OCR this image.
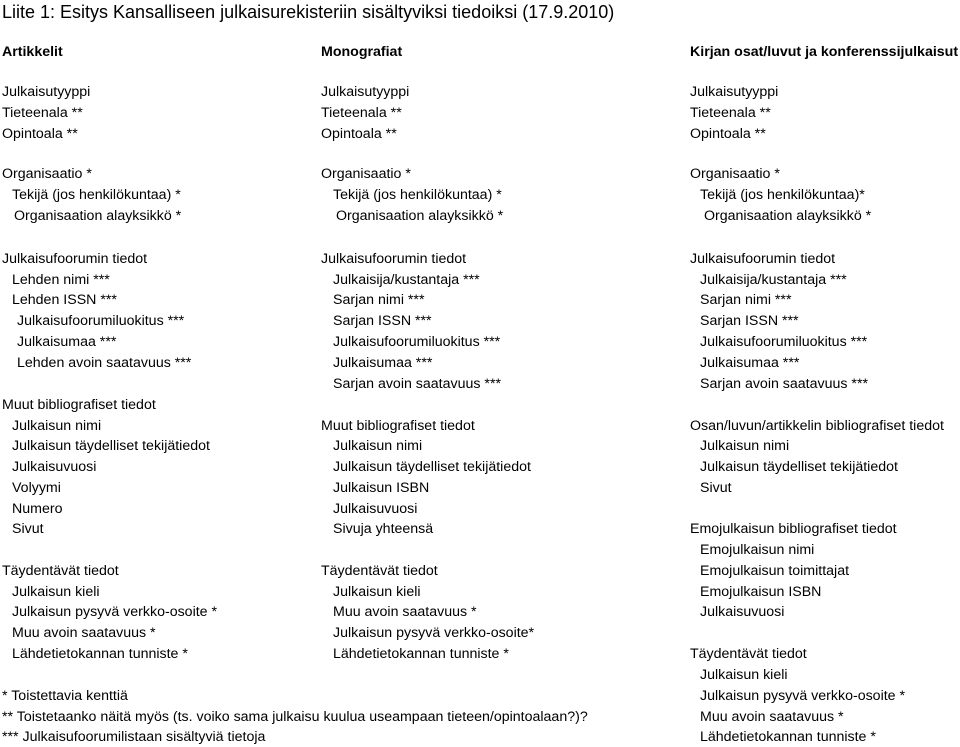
Liite 1: Esitys Kansalliseen julkaisurekisteriin sisältyviksi tiedoiksi (17.9.2010)
Artikkelit
Julkaisutyyppi
Tieteenala **
Opintoala **
Organisaatio *
Tekijä (jos henkilökuntaa) *
Organisaation alayksikkö *
Julkaisufoorumin tiedot
Lehden nimi ***
Lehden ISSN ***
Julkaisufoorumiluokitus ***
Julkaisumaa ***
Lehden avoin saatavuus ***
Muut bibliografiset tiedot
Julkaisun nimi
Julkaisun täydelliset tekijätiedot
Julkaisuvuosi
Volyymi
Numero
Sivut
Täydentävät tiedot
Julkaisun kieli
Julkaisun pysyvä verkko-osoite *
Muu avoin saatavuus *
Lähdetietokannan tunniste *
Monografiat
Julkaisutyyppi
Tieteenala **
Opintoala **
Organisaatio *
Tekijä (jos henkilökuntaa) *
Organisaation alayksikkö *
Julkaisufoorumin tiedot
Julkaisija/kustantaja ***
Sarjan nimi ***
Sarjan ISSN ***
Julkaisufoorumiluokitus ***
Julkaisumaa ***
Sarjan avoin saatavuus ***
Muut bibliografiset tiedot
Julkaisun nimi
Julkaisun täydelliset tekijätiedot
Julkaisun ISBN
Julkaisuvuosi
Sivuja yhteensä
Täydentävät tiedot
Julkaisun kieli
Muu avoin saatavuus *
Julkaisun pysyvä verkko-osoite*
Lähdetietokannan tunniste *
Kirjan osat/luvut ja konferenssijulkaisut
Julkaisutyyppi
Tieteenala **
Opintoala **
Organisaatio *
Tekijä (jos henkilökuntaa)*
Organisaation alayksikkö *
Julkaisufoorumin tiedot
Julkaisija/kustantaja ***
Sarjan nimi ***
Sarjan ISSN ***
Julkaisufoorumiluokitus ***
Julkaisumaa ***
Sarjan avoin saatavuus ***
Osan/luvun/artikkelin bibliografiset tiedot
Julkaisun nimi
Julkaisun täydelliset tekijätiedot
Sivut
Emojulkaisun bibliografiset tiedot
Emojulkaisun nimi
Emojulkaisun toimittajat
Emojulkaisun ISBN
Julkaisuvuosi
Täydentävät tiedot
Julkaisun kieli
Julkaisun pysyvä verkko-osoite *
Muu avoin saatavuus *
Lähdetietokannan tunniste *
* Toistettavia kenttiä
** Toistetaanko näitä myös (ts. voiko sama julkaisu kuulua useampaan tieteen/opintoalaan?)?
*** Julkaisufoorumilistaan sisältyviä tietoja
